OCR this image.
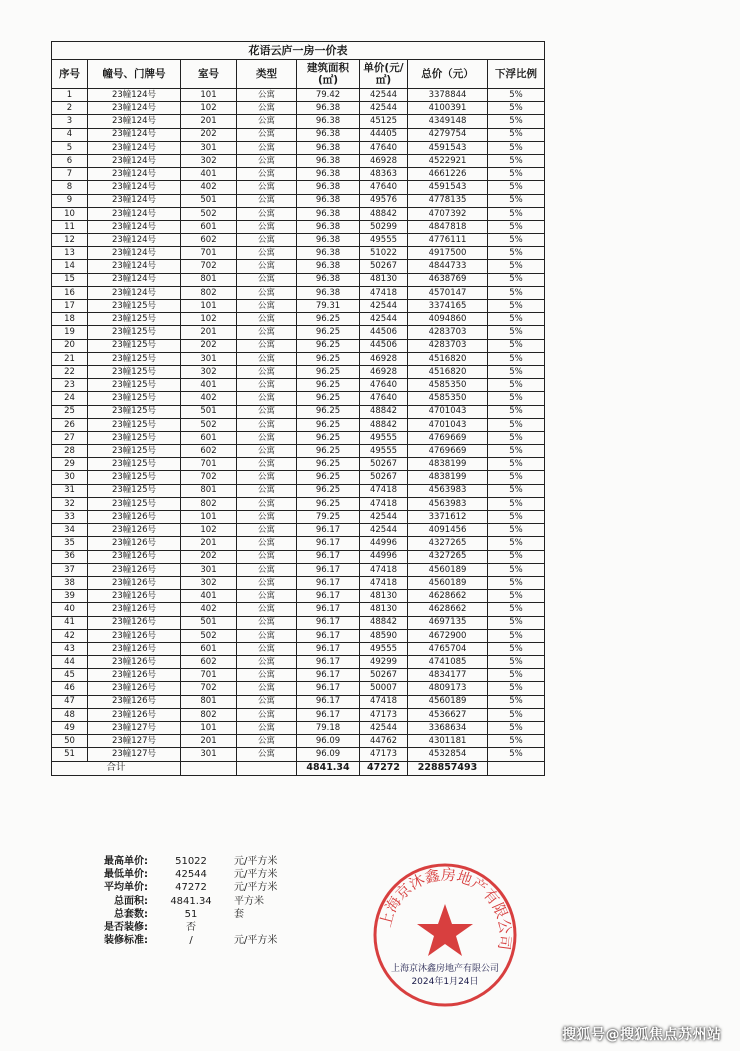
花语云庐一房一价表							
序号	幢号、门牌号	室号	类型	建筑面积(㎡)	单价(元/㎡)	总价（元）	下浮比例
1	23幢124号	101	公寓	79.42	42544	3378844	5%
2	23幢124号	102	公寓	96.38	42544	4100391	5%
3	23幢124号	201	公寓	96.38	45125	4349148	5%
4	23幢124号	202	公寓	96.38	44405	4279754	5%
5	23幢124号	301	公寓	96.38	47640	4591543	5%
6	23幢124号	302	公寓	96.38	46928	4522921	5%
7	23幢124号	401	公寓	96.38	48363	4661226	5%
8	23幢124号	402	公寓	96.38	47640	4591543	5%
9	23幢124号	501	公寓	96.38	49576	4778135	5%
10	23幢124号	502	公寓	96.38	48842	4707392	5%
11	23幢124号	601	公寓	96.38	50299	4847818	5%
12	23幢124号	602	公寓	96.38	49555	4776111	5%
13	23幢124号	701	公寓	96.38	51022	4917500	5%
14	23幢124号	702	公寓	96.38	50267	4844733	5%
15	23幢124号	801	公寓	96.38	48130	4638769	5%
16	23幢124号	802	公寓	96.38	47418	4570147	5%
17	23幢125号	101	公寓	79.31	42544	3374165	5%
18	23幢125号	102	公寓	96.25	42544	4094860	5%
19	23幢125号	201	公寓	96.25	44506	4283703	5%
20	23幢125号	202	公寓	96.25	44506	4283703	5%
21	23幢125号	301	公寓	96.25	46928	4516820	5%
22	23幢125号	302	公寓	96.25	46928	4516820	5%
23	23幢125号	401	公寓	96.25	47640	4585350	5%
24	23幢125号	402	公寓	96.25	47640	4585350	5%
25	23幢125号	501	公寓	96.25	48842	4701043	5%
26	23幢125号	502	公寓	96.25	48842	4701043	5%
27	23幢125号	601	公寓	96.25	49555	4769669	5%
28	23幢125号	602	公寓	96.25	49555	4769669	5%
29	23幢125号	701	公寓	96.25	50267	4838199	5%
30	23幢125号	702	公寓	96.25	50267	4838199	5%
31	23幢125号	801	公寓	96.25	47418	4563983	5%
32	23幢125号	802	公寓	96.25	47418	4563983	5%
33	23幢126号	101	公寓	79.25	42544	3371612	5%
34	23幢126号	102	公寓	96.17	42544	4091456	5%
35	23幢126号	201	公寓	96.17	44996	4327265	5%
36	23幢126号	202	公寓	96.17	44996	4327265	5%
37	23幢126号	301	公寓	96.17	47418	4560189	5%
38	23幢126号	302	公寓	96.17	47418	4560189	5%
39	23幢126号	401	公寓	96.17	48130	4628662	5%
40	23幢126号	402	公寓	96.17	48130	4628662	5%
41	23幢126号	501	公寓	96.17	48842	4697135	5%
42	23幢126号	502	公寓	96.17	48590	4672900	5%
43	23幢126号	601	公寓	96.17	49555	4765704	5%
44	23幢126号	602	公寓	96.17	49299	4741085	5%
45	23幢126号	701	公寓	96.17	50267	4834177	5%
46	23幢126号	702	公寓	96.17	50007	4809173	5%
47	23幢126号	801	公寓	96.17	47418	4560189	5%
48	23幢126号	802	公寓	96.17	47173	4536627	5%
49	23幢127号	101	公寓	79.18	42544	3368634	5%
50	23幢127号	201	公寓	96.09	44762	4301181	5%
51	23幢127号	301	公寓	96.09	47173	4532854	5%
合计				4841.34	47272	228857493	
最高单价:	51022	元/平方米
最低单价:	42544	元/平方米
平均单价:	47272	元/平方米
总面积:	4841.34	平方米
总套数:	51	套
是否装修:	否
装修标准:	/	元/平方米
上海京沐鑫房地产有限公司
上海京沐鑫房地产有限公司
2024年1月24日
搜狐号@搜狐焦点苏州站
